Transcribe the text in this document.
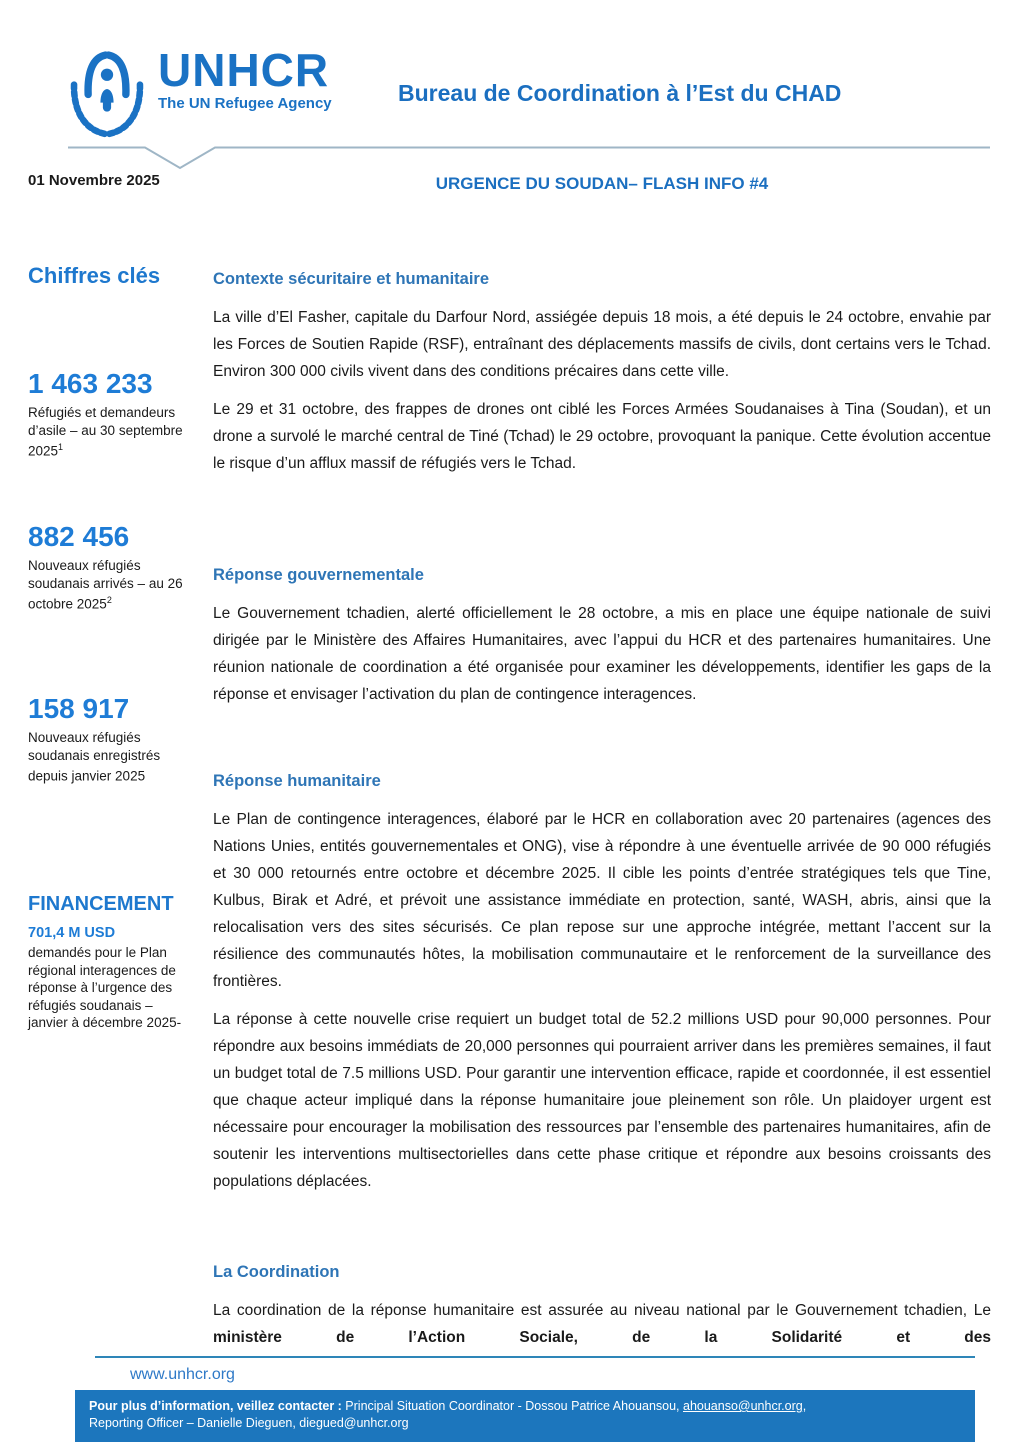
UNHCR
The UN Refugee Agency	Bureau de Coordination à l’Est du CHAD
01 Novembre 2025	URGENCE DU SOUDAN– FLASH INFO #4
Chiffres clés
1 463 233
Réfugiés et demandeurs d’asile – au 30 septembre 2025$^1$
882 456
Nouveaux réfugiés soudanais arrivés – au 26 octobre 2025$^2$
158 917
Nouveaux réfugiés soudanais enregistrés depuis janvier 2025
FINANCEMENT
701,4 M USD
demandés pour le Plan régional interagences de réponse à l’urgence des réfugiés soudanais – janvier à décembre 2025-
Contexte sécuritaire et humanitaire

La ville d’El Fasher, capitale du Darfour Nord, assiégée depuis 18 mois, a été depuis le 24 octobre, envahie par les Forces de Soutien Rapide (RSF), entraînant des déplacements massifs de civils, dont certains vers le Tchad. Environ 300 000 civils vivent dans des conditions précaires dans cette ville.

Le 29 et 31 octobre, des frappes de drones ont ciblé les Forces Armées Soudanaises à Tina (Soudan), et un drone a survolé le marché central de Tiné (Tchad) le 29 octobre, provoquant la panique. Cette évolution accentue le risque d’un afflux massif de réfugiés vers le Tchad.

Réponse gouvernementale

Le Gouvernement tchadien, alerté officiellement le 28 octobre, a mis en place une équipe nationale de suivi dirigée par le Ministère des Affaires Humanitaires, avec l’appui du HCR et des partenaires humanitaires. Une réunion nationale de coordination a été organisée pour examiner les développements, identifier les gaps de la réponse et envisager l’activation du plan de contingence interagences.

Réponse humanitaire

Le Plan de contingence interagences, élaboré par le HCR en collaboration avec 20 partenaires (agences des Nations Unies, entités gouvernementales et ONG), vise à répondre à une éventuelle arrivée de 90 000 réfugiés et 30 000 retournés entre octobre et décembre 2025. Il cible les points d’entrée stratégiques tels que Tine, Kulbus, Birak et Adré, et prévoit une assistance immédiate en protection, santé, WASH, abris, ainsi que la relocalisation vers des sites sécurisés. Ce plan repose sur une approche intégrée, mettant l’accent sur la résilience des communautés hôtes, la mobilisation communautaire et le renforcement de la surveillance des frontières.

La réponse à cette nouvelle crise requiert un budget total de 52.2 millions USD pour 90,000 personnes. Pour répondre aux besoins immédiats de 20,000 personnes qui pourraient arriver dans les premières semaines, il faut un budget total de 7.5 millions USD. Pour garantir une intervention efficace, rapide et coordonnée, il est essentiel que chaque acteur impliqué dans la réponse humanitaire joue pleinement son rôle. Un plaidoyer urgent est nécessaire pour encourager la mobilisation des ressources par l’ensemble des partenaires humanitaires, afin de soutenir les interventions multisectorielles dans cette phase critique et répondre aux besoins croissants des populations déplacées.

La Coordination

La coordination de la réponse humanitaire est assurée au niveau national par le Gouvernement tchadien, Le ministère de l’Action Sociale, de la Solidarité et des

www.unhcr.org
Pour plus d’information, veillez contacter : Principal Situation Coordinator - Dossou Patrice Ahouansou, ahouanso@unhcr.org,
Reporting Officer – Danielle Dieguen, diegued@unhcr.org
